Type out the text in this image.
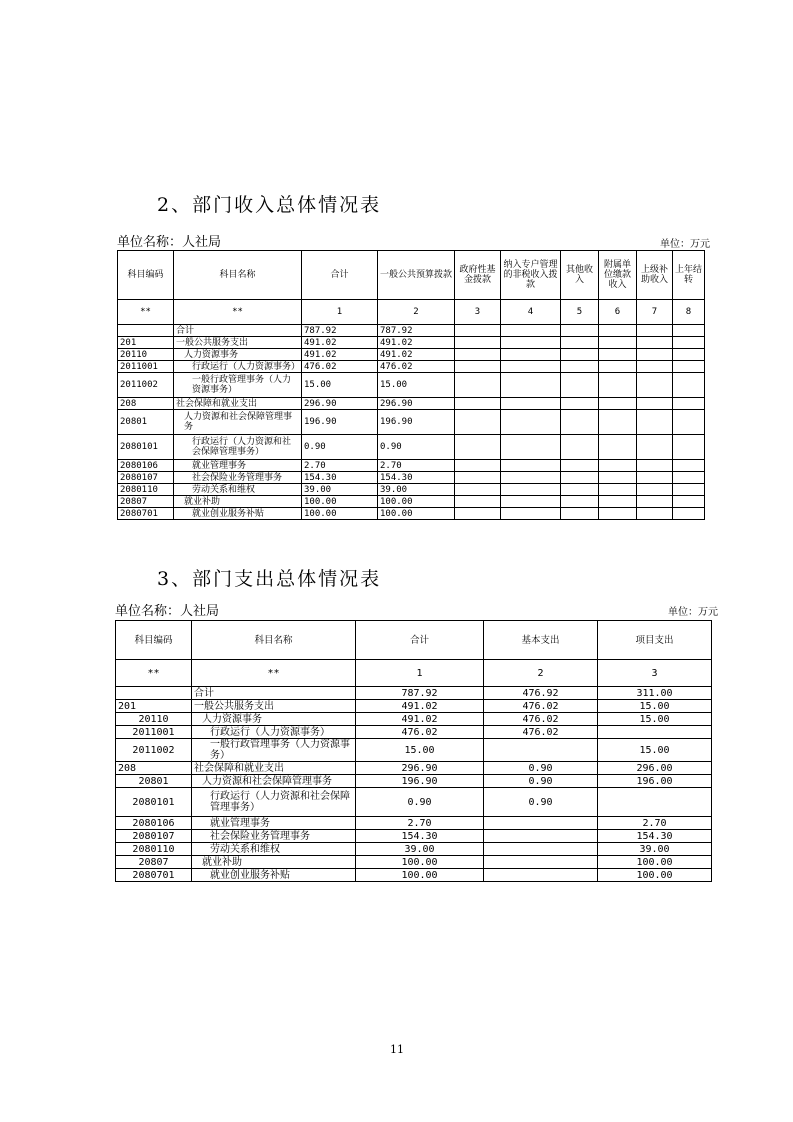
2、部门收入总体情况表
单位名称：人社局	单位：万元
科目编码	科目名称	合计	一般公共预算拨款	政府性基金拨款	纳入专户管理的非税收入拨款	其他收入	附属单位缴款收入	上级补助收入	上年结转
**	**	1	2	3	4	5	6	7	8
	合计	787.92	787.92						
201	一般公共服务支出	491.02	491.02						
20110	人力资源事务	491.02	491.02						
2011001	行政运行（人力资源事务）	476.02	476.02						
2011002	一般行政管理事务（人力资源事务）	15.00	15.00						
208	社会保障和就业支出	296.90	296.90						
20801	人力资源和社会保障管理事务	196.90	196.90						
2080101	行政运行（人力资源和社会保障管理事务）	0.90	0.90						
2080106	就业管理事务	2.70	2.70						
2080107	社会保险业务管理事务	154.30	154.30						
2080110	劳动关系和维权	39.00	39.00						
20807	就业补助	100.00	100.00						
2080701	就业创业服务补贴	100.00	100.00						
3、部门支出总体情况表
单位名称：人社局	单位：万元
科目编码	科目名称	合计	基本支出	项目支出
**	**	1	2	3
	合计	787.92	476.92	311.00
201	一般公共服务支出	491.02	476.02	15.00
20110	人力资源事务	491.02	476.02	15.00
2011001	行政运行（人力资源事务）	476.02	476.02	
2011002	一般行政管理事务（人力资源事务）	15.00		15.00
208	社会保障和就业支出	296.90	0.90	296.00
20801	人力资源和社会保障管理事务	196.90	0.90	196.00
2080101	行政运行（人力资源和社会保障管理事务）	0.90	0.90	
2080106	就业管理事务	2.70		2.70
2080107	社会保险业务管理事务	154.30		154.30
2080110	劳动关系和维权	39.00		39.00
20807	就业补助	100.00		100.00
2080701	就业创业服务补贴	100.00		100.00
11
